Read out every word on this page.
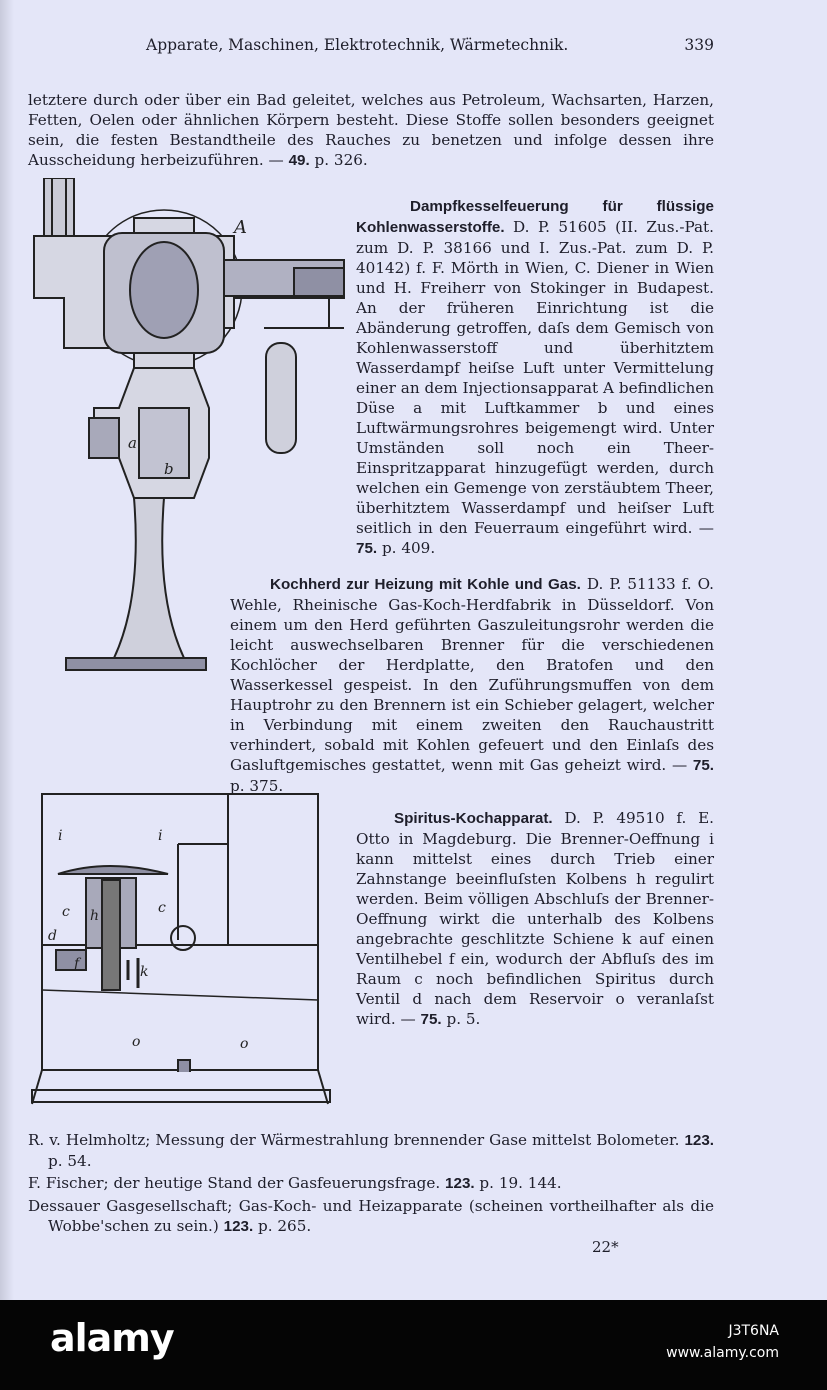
Apparate, Maschinen, Elektrotechnik, Wärmetechnik.	339

letztere durch oder über ein Bad geleitet, welches aus Petroleum, Wachsarten, Harzen, Fetten, Oelen oder ähnlichen Körpern besteht. Diese Stoffe sollen besonders geeignet sein, die festen Bestandtheile des Rauches zu benetzen und infolge dessen ihre Ausscheidung herbeizuführen. — 49. p. 326.

A
a
b

Dampfkesselfeuerung für flüssige Kohlenwasserstoffe. D. P. 51605 (II. Zus.-Pat. zum D. P. 38166 und I. Zus.-Pat. zum D. P. 40142) f. F. Mörth in Wien, C. Diener in Wien und H. Freiherr von Stokinger in Budapest. An der früheren Einrichtung ist die Abänderung getroffen, daſs dem Gemisch von Kohlenwasserstoff und überhitztem Wasserdampf heiſse Luft unter Vermittelung einer an dem Injectionsapparat A befindlichen Düse a mit Luftkammer b und eines Luftwärmungsrohres beigemengt wird. Unter Umständen soll noch ein Theer-Einspritzapparat hinzugefügt werden, durch welchen ein Gemenge von zerstäubtem Theer, überhitztem Wasserdampf und heiſser Luft seitlich in den Feuerraum eingeführt wird. — 75. p. 409.

Kochherd zur Heizung mit Kohle und Gas. D. P. 51133 f. O. Wehle, Rheinische Gas-Koch-Herdfabrik in Düsseldorf. Von einem um den Herd geführten Gaszuleitungsrohr werden die leicht auswechselbaren Brenner für die verschiedenen Kochlöcher der Herdplatte, den Bratofen und den Wasserkessel gespeist. In den Zuführungsmuffen von dem Hauptrohr zu den Brennern ist ein Schieber gelagert, welcher in Verbindung mit einem zweiten den Rauchaustritt verhindert, sobald mit Kohlen gefeuert und den Einlaſs des Gasluftgemisches gestattet, wenn mit Gas geheizt wird. — 75. p. 375.

i	i
c	c
h
d
f	k
o	o

Spiritus-Kochapparat. D. P. 49510 f. E. Otto in Magdeburg. Die Brenner-Oeffnung i kann mittelst eines durch Trieb einer Zahnstange beeinfluſsten Kolbens h regulirt werden. Beim völligen Abschluſs der Brenner-Oeffnung wirkt die unterhalb des Kolbens angebrachte geschlitzte Schiene k auf einen Ventilhebel f ein, wodurch der Abfluſs des im Raum c noch befindlichen Spiritus durch Ventil d nach dem Reservoir o veranlaſst wird. — 75. p. 5.

R. v. Helmholtz; Messung der Wärmestrahlung brennender Gase mittelst Bolometer. 123. p. 54.

F. Fischer; der heutige Stand der Gasfeuerungsfrage. 123. p. 19. 144.

Dessauer Gasgesellschaft; Gas-Koch- und Heizapparate (scheinen vortheilhafter als die Wobbe'schen zu sein.) 123. p. 265.

22*
alamy	J3T6NA
www.alamy.com
